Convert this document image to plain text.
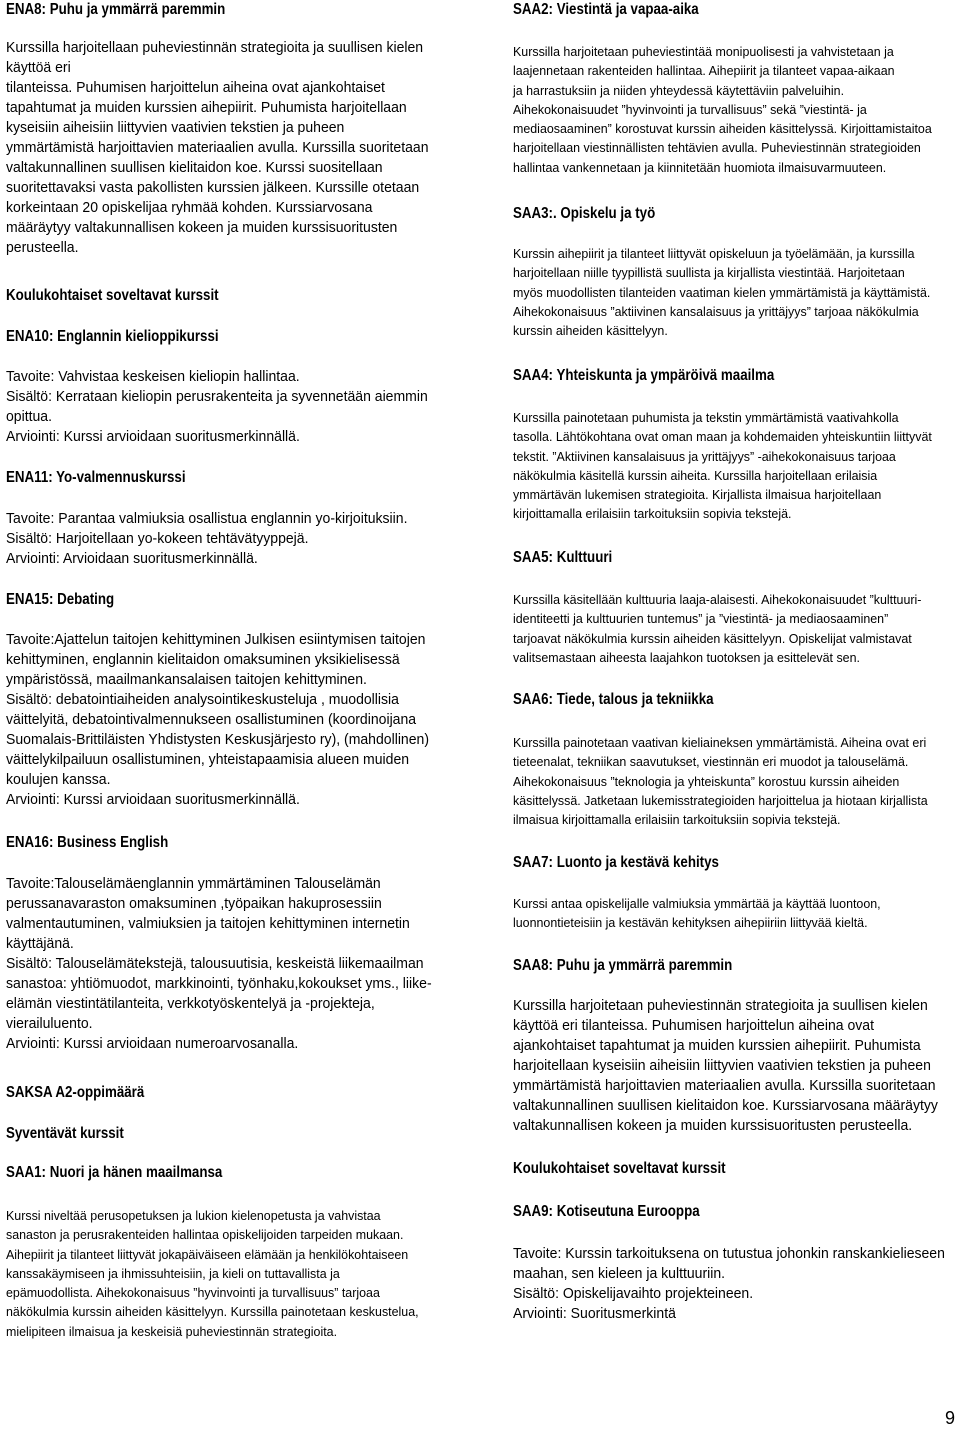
ENA8: Puhu ja ymmärrä paremmin
Kurssilla harjoitellaan puheviestinnän strategioita ja suullisen kielen
käyttöä eri
tilanteissa. Puhumisen harjoittelun aiheina ovat ajankohtaiset
tapahtumat ja muiden kurssien aihepiirit. Puhumista harjoitellaan
kyseisiin aiheisiin liittyvien vaativien tekstien ja puheen
ymmärtämistä harjoittavien materiaalien avulla. Kurssilla suoritetaan
valtakunnallinen suullisen kielitaidon koe. Kurssi suositellaan
suoritettavaksi vasta pakollisten kurssien jälkeen. Kurssille otetaan
korkeintaan 20 opiskelijaa ryhmää kohden. Kurssiarvosana
määräytyy valtakunnallisen kokeen ja muiden kurssisuoritusten
perusteella.
Koulukohtaiset soveltavat kurssit
ENA10: Englannin kielioppikurssi
Tavoite: Vahvistaa keskeisen kieliopin hallintaa.
Sisältö: Kerrataan kieliopin perusrakenteita ja syvennetään aiemmin
opittua.
Arviointi: Kurssi arvioidaan suoritusmerkinnällä.
ENA11: Yo-valmennuskurssi
Tavoite: Parantaa valmiuksia osallistua englannin yo-kirjoituksiin.
Sisältö: Harjoitellaan yo-kokeen tehtävätyyppejä.
Arviointi: Arvioidaan suoritusmerkinnällä.
ENA15: Debating
Tavoite:Ajattelun taitojen kehittyminen Julkisen esiintymisen taitojen
kehittyminen, englannin kielitaidon omaksuminen yksikielisessä
ympäristössä, maailmankansalaisen taitojen kehittyminen.
Sisältö: debatointiaiheiden analysointikeskusteluja , muodollisia
väittelyitä, debatointivalmennukseen osallistuminen (koordinoijana
Suomalais-Brittiläisten Yhdistysten Keskusjärjesto ry), (mahdollinen)
väittelykilpailuun osallistuminen, yhteistapaamisia alueen muiden
koulujen kanssa.
Arviointi: Kurssi arvioidaan suoritusmerkinnällä.
ENA16: Business English
Tavoite:Talouselämäenglannin ymmärtäminen Talouselämän
perussanavaraston omaksuminen ,työpaikan hakuprosessiin
valmentautuminen, valmiuksien ja taitojen kehittyminen internetin
käyttäjänä.
Sisältö: Talouselämätekstejä, talousuutisia, keskeistä liikemaailman
sanastoa: yhtiömuodot, markkinointi, työnhaku,kokoukset yms., liike-
elämän viestintätilanteita, verkkotyöskentelyä ja -projekteja,
vierailuluento.
Arviointi: Kurssi arvioidaan numeroarvosanalla.
SAKSA A2-oppimäärä
Syventävät kurssit
SAA1: Nuori ja hänen maailmansa
Kurssi niveltää perusopetuksen ja lukion kielenopetusta ja vahvistaa
sanaston ja perusrakenteiden hallintaa opiskelijoiden tarpeiden mukaan.
Aihepiirit ja tilanteet liittyvät jokapäiväiseen elämään ja henkilökohtaiseen
kanssakäymiseen ja ihmissuhteisiin, ja kieli on tuttavallista ja
epämuodollista. Aihekokonaisuus ”hyvinvointi ja turvallisuus” tarjoaa
näkökulmia kurssin aiheiden käsittelyyn. Kurssilla painotetaan keskustelua,
mielipiteen ilmaisua ja keskeisiä puheviestinnän strategioita.
SAA2: Viestintä ja vapaa-aika
Kurssilla harjoitetaan puheviestintää monipuolisesti ja vahvistetaan ja
laajennetaan rakenteiden hallintaa. Aihepiirit ja tilanteet vapaa-aikaan
ja harrastuksiin ja niiden yhteydessä käytettäviin palveluihin.
Aihekokonaisuudet ”hyvinvointi ja turvallisuus” sekä ”viestintä- ja
mediaosaaminen” korostuvat kurssin aiheiden käsittelyssä. Kirjoittamistaitoa
harjoitellaan viestinnällisten tehtävien avulla. Puheviestinnän strategioiden
hallintaa vankennetaan ja kiinnitetään huomiota ilmaisuvarmuuteen.
SAA3:. Opiskelu ja työ
Kurssin aihepiirit ja tilanteet liittyvät opiskeluun ja työelämään, ja kurssilla
harjoitellaan niille tyypillistä suullista ja kirjallista viestintää. Harjoitetaan
myös muodollisten tilanteiden vaatiman kielen ymmärtämistä ja käyttämistä.
Aihekokonaisuus ”aktiivinen kansalaisuus ja yrittäjyys” tarjoaa näkökulmia
kurssin aiheiden käsittelyyn.
SAA4: Yhteiskunta ja ympäröivä maailma
Kurssilla painotetaan puhumista ja tekstin ymmärtämistä vaativahkolla
tasolla. Lähtökohtana ovat oman maan ja kohdemaiden yhteiskuntiin liittyvät
tekstit. ”Aktiivinen kansalaisuus ja yrittäjyys” -aihekokonaisuus tarjoaa
näkökulmia käsitellä kurssin aiheita. Kurssilla harjoitellaan erilaisia
ymmärtävän lukemisen strategioita. Kirjallista ilmaisua harjoitellaan
kirjoittamalla erilaisiin tarkoituksiin sopivia tekstejä.
SAA5: Kulttuuri
Kurssilla käsitellään kulttuuria laaja-alaisesti. Aihekokonaisuudet ”kulttuuri-
identiteetti ja kulttuurien tuntemus” ja ”viestintä- ja mediaosaaminen”
tarjoavat näkökulmia kurssin aiheiden käsittelyyn. Opiskelijat valmistavat
valitsemastaan aiheesta laajahkon tuotoksen ja esittelevät sen.
SAA6: Tiede, talous ja tekniikka
Kurssilla painotetaan vaativan kieliaineksen ymmärtämistä. Aiheina ovat eri
tieteenalat, tekniikan saavutukset, viestinnän eri muodot ja talouselämä.
Aihekokonaisuus ”teknologia ja yhteiskunta” korostuu kurssin aiheiden
käsittelyssä. Jatketaan lukemisstrategioiden harjoittelua ja hiotaan kirjallista
ilmaisua kirjoittamalla erilaisiin tarkoituksiin sopivia tekstejä.
SAA7: Luonto ja kestävä kehitys
Kurssi antaa opiskelijalle valmiuksia ymmärtää ja käyttää luontoon,
luonnontieteisiin ja kestävän kehityksen aihepiiriin liittyvää kieltä.
SAA8: Puhu ja ymmärrä paremmin
Kurssilla harjoitetaan puheviestinnän strategioita ja suullisen kielen
käyttöä eri tilanteissa. Puhumisen harjoittelun aiheina ovat
ajankohtaiset tapahtumat ja muiden kurssien aihepiirit. Puhumista
harjoitellaan kyseisiin aiheisiin liittyvien vaativien tekstien ja puheen
ymmärtämistä harjoittavien materiaalien avulla. Kurssilla suoritetaan
valtakunnallinen suullisen kielitaidon koe. Kurssiarvosana määräytyy
valtakunnallisen kokeen ja muiden kurssisuoritusten perusteella.
Koulukohtaiset soveltavat kurssit
SAA9: Kotiseutuna Eurooppa
Tavoite: Kurssin tarkoituksena on tutustua johonkin ranskankielieseen
maahan, sen kieleen ja kulttuuriin.
Sisältö: Opiskelijavaihto projekteineen.
Arviointi: Suoritusmerkintä
9
